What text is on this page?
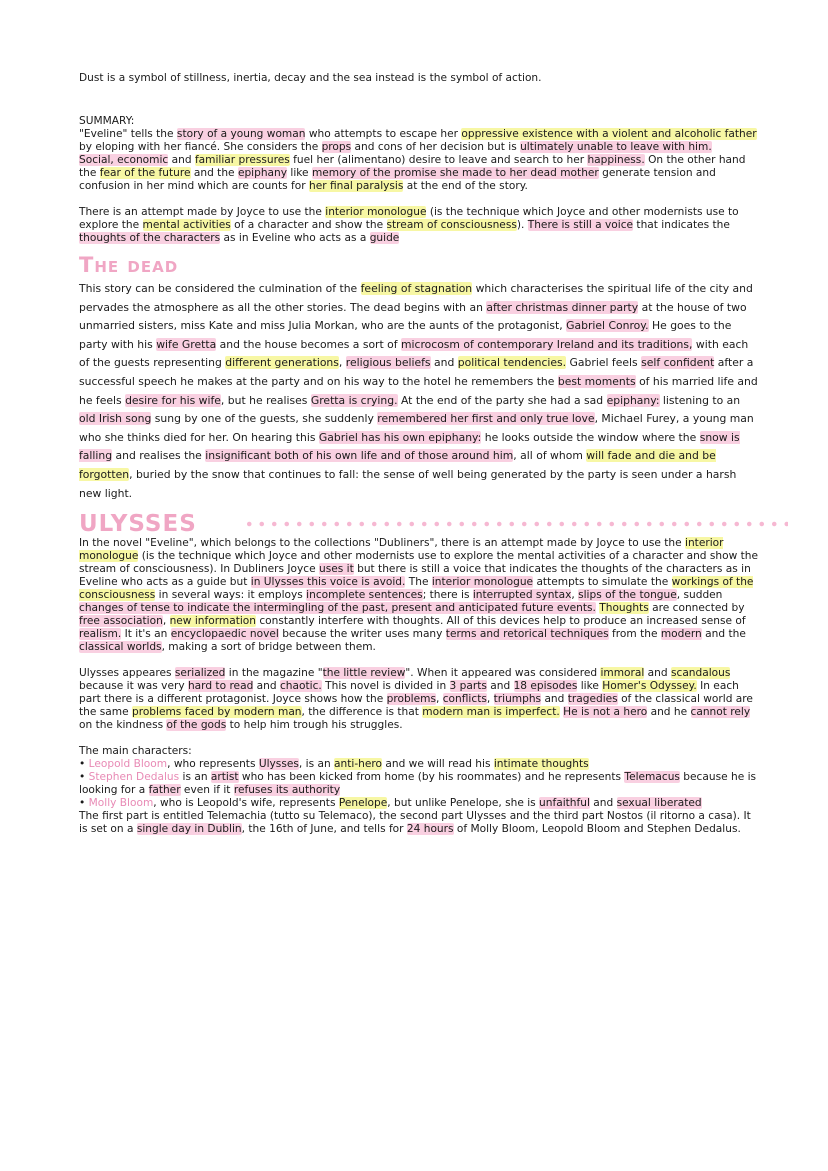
Dust is a symbol of stillness, inertia, decay and the sea instead is the symbol of action.

SUMMARY:

"Eveline" tells the story of a young woman who attempts to escape her oppressive existence with a violent and alcoholic father by eloping with her fiancé. She considers the props and cons of her decision but is ultimately unable to leave with him.

Social, economic and familiar pressures fuel her (alimentano) desire to leave and search to her happiness. On the other hand the fear of the future and the epiphany like memory of the promise she made to her dead mother generate tension and confusion in her mind which are counts for her final paralysis at the end of the story.

There is an attempt made by Joyce to use the interior monologue (is the technique which Joyce and other modernists use to explore the mental activities of a character and show the stream of consciousness). There is still a voice that indicates the thoughts of the characters as in Eveline who acts as a guide

The dead

This story can be considered the culmination of the feeling of stagnation which characterises the spiritual life of the city and pervades the atmosphere as all the other stories. The dead begins with an after christmas dinner party at the house of two unmarried sisters, miss Kate and miss Julia Morkan, who are the aunts of the protagonist, Gabriel Conroy. He goes to the party with his wife Gretta and the house becomes a sort of microcosm of contemporary Ireland and its traditions, with each of the guests representing different generations, religious beliefs and political tendencies. Gabriel feels self confident after a successful speech he makes at the party and on his way to the hotel he remembers the best moments of his married life and he feels desire for his wife, but he realises Gretta is crying. At the end of the party she had a sad epiphany: listening to an old Irish song sung by one of the guests, she suddenly remembered her first and only true love, Michael Furey, a young man who she thinks died for her. On hearing this Gabriel has his own epiphany: he looks outside the window where the snow is falling and realises the insignificant both of his own life and of those around him, all of whom will fade and die and be forgotten, buried by the snow that continues to fall: the sense of well being generated by the party is seen under a harsh new light.

ULYSSES

In the novel "Eveline", which belongs to the collections "Dubliners", there is an attempt made by Joyce to use the interior monologue (is the technique which Joyce and other modernists use to explore the mental activities of a character and show the stream of consciousness). In Dubliners Joyce uses it but there is still a voice that indicates the thoughts of the characters as in Eveline who acts as a guide but in Ulysses this voice is avoid. The interior monologue attempts to simulate the workings of the consciousness in several ways: it employs incomplete sentences; there is interrupted syntax, slips of the tongue, sudden changes of tense to indicate the intermingling of the past, present and anticipated future events. Thoughts are connected by free association, new information constantly interfere with thoughts. All of this devices help to produce an increased sense of realism. It it's an encyclopaedic novel because the writer uses many terms and retorical techniques from the modern and the classical worlds, making a sort of bridge between them.

Ulysses appeares serialized in the magazine "the little review". When it appeared was considered immoral and scandalous because it was very hard to read and chaotic. This novel is divided in 3 parts and 18 episodes like Homer's Odyssey. In each part there is a different protagonist. Joyce shows how the problems, conflicts, triumphs and tragedies of the classical world are the same problems faced by modern man, the difference is that modern man is imperfect. He is not a hero and he cannot rely on the kindness of the gods to help him trough his struggles.

The main characters:

• Leopold Bloom, who represents Ulysses, is an anti-hero and we will read his intimate thoughts

• Stephen Dedalus is an artist who has been kicked from home (by his roommates) and he represents Telemacus because he is looking for a father even if it refuses its authority

• Molly Bloom, who is Leopold's wife, represents Penelope, but unlike Penelope, she is unfaithful and sexual liberated

The first part is entitled Telemachia (tutto su Telemaco), the second part Ulysses and the third part Nostos (il ritorno a casa). It is set on a single day in Dublin, the 16th of June, and tells for 24 hours of Molly Bloom, Leopold Bloom and Stephen Dedalus.
